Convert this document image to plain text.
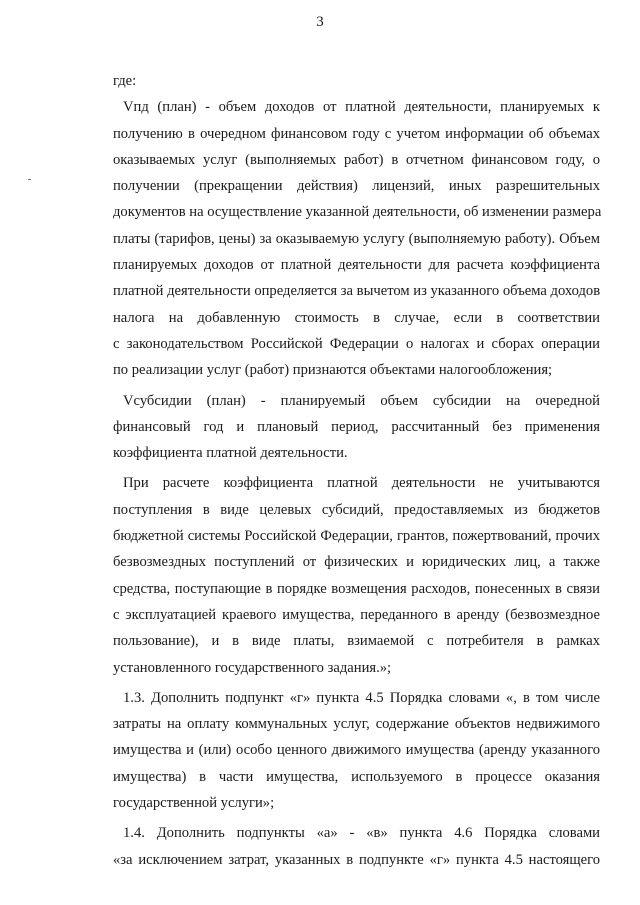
3
где:
Vпд (план) - объем доходов от платной деятельности, планируемых к
получению в очередном финансовом году с учетом информации об объемах
оказываемых услуг (выполняемых работ) в отчетном финансовом году, о
получении (прекращении действия) лицензий, иных разрешительных
документов на осуществление указанной деятельности, об изменении размера
платы (тарифов, цены) за оказываемую услугу (выполняемую работу). Объем
планируемых доходов от платной деятельности для расчета коэффициента
платной деятельности определяется за вычетом из указанного объема доходов
налога на добавленную стоимость в случае, если в соответствии
с законодательством Российской Федерации о налогах и сборах операции
по реализации услуг (работ) признаются объектами налогообложения;
Vсубсидии (план) - планируемый объем субсидии на очередной
финансовый год и плановый период, рассчитанный без применения
коэффициента платной деятельности.
При расчете коэффициента платной деятельности не учитываются
поступления в виде целевых субсидий, предоставляемых из бюджетов
бюджетной системы Российской Федерации, грантов, пожертвований, прочих
безвозмездных поступлений от физических и юридических лиц, а также
средства, поступающие в порядке возмещения расходов, понесенных в связи
с эксплуатацией краевого имущества, переданного в аренду (безвозмездное
пользование), и в виде платы, взимаемой с потребителя в рамках
установленного государственного задания.»;
1.3. Дополнить подпункт «г» пункта 4.5 Порядка словами «, в том числе
затраты на оплату коммунальных услуг, содержание объектов недвижимого
имущества и (или) особо ценного движимого имущества (аренду указанного
имущества) в части имущества, используемого в процессе оказания
государственной услуги»;
1.4. Дополнить подпункты «а» - «в» пункта 4.6 Порядка словами
«за исключением затрат, указанных в подпункте «г» пункта 4.5 настоящего
